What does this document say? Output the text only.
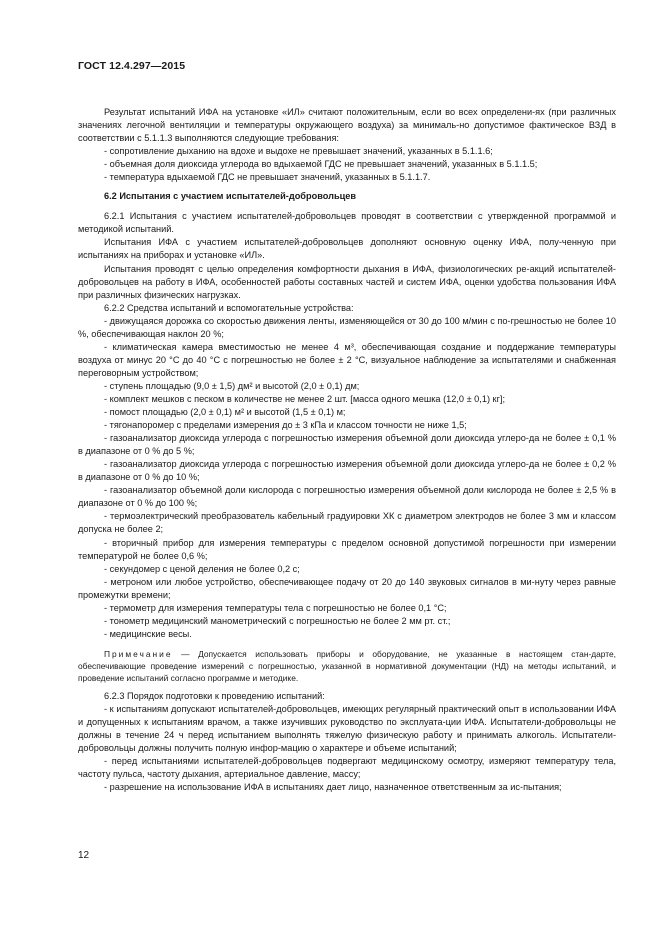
ГОСТ 12.4.297—2015

Результат испытаний ИФА на установке «ИЛ» считают положительным, если во всех определени-ях (при различных значениях легочной вентиляции и температуры окружающего воздуха) за минималь-но допустимое фактическое ВЗД в соответствии с 5.1.1.3 выполняются следующие требования:

- сопротивление дыханию на вдохе и выдохе не превышает значений, указанных в 5.1.1.6;

- объемная доля диоксида углерода во вдыхаемой ГДС не превышает значений, указанных в 5.1.1.5;

- температура вдыхаемой ГДС не превышает значений, указанных в 5.1.1.7.

6.2 Испытания с участием испытателей-добровольцев

6.2.1 Испытания с участием испытателей-добровольцев проводят в соответствии с утвержденной программой и методикой испытаний.

Испытания ИФА с участием испытателей-добровольцев дополняют основную оценку ИФА, полу-ченную при испытаниях на приборах и установке «ИЛ».

Испытания проводят с целью определения комфортности дыхания в ИФА, физиологических ре-акций испытателей-добровольцев на работу в ИФА, особенностей работы составных частей и систем ИФА, оценки удобства пользования ИФА при различных физических нагрузках.

6.2.2 Средства испытаний и вспомогательные устройства:

- движущаяся дорожка со скоростью движения ленты, изменяющейся от 30 до 100 м/мин с по-грешностью не более 10 %, обеспечивающая наклон 20 %;

- климатическая камера вместимостью не менее 4 м³, обеспечивающая создание и поддержание температуры воздуха от минус 20 °С до 40 °С с погрешностью не более ± 2 °С, визуальное наблюдение за испытателями и снабженная переговорным устройством;

- ступень площадью (9,0 ± 1,5) дм² и высотой (2,0 ± 0,1) дм;

- комплект мешков с песком в количестве не менее 2 шт. [масса одного мешка (12,0 ± 0,1) кг];

- помост площадью (2,0 ± 0,1) м² и высотой (1,5 ± 0,1) м;

- тягонапоромер с пределами измерения до ± 3 кПа и классом точности не ниже 1,5;

- газоанализатор диоксида углерода с погрешностью измерения объемной доли диоксида углеро-да не более ± 0,1 % в диапазоне от 0 % до 5 %;

- газоанализатор диоксида углерода с погрешностью измерения объемной доли диоксида углеро-да не более ± 0,2 % в диапазоне от 0 % до 10 %;

- газоанализатор объемной доли кислорода с погрешностью измерения объемной доли кислорода не более ± 2,5 % в диапазоне от 0 % до 100 %;

- термоэлектрический преобразователь кабельный градуировки ХК с диаметром электродов не более 3 мм и классом допуска не более 2;

- вторичный прибор для измерения температуры с пределом основной допустимой погрешности при измерении температурой не более 0,6 %;

- секундомер с ценой деления не более 0,2 с;

- метроном или любое устройство, обеспечивающее подачу от 20 до 140 звуковых сигналов в ми-нуту через равные промежутки времени;

- термометр для измерения температуры тела с погрешностью не более 0,1 °С;

- тонометр медицинский манометрический с погрешностью не более 2 мм рт. ст.;

- медицинские весы.

Примечание — Допускается использовать приборы и оборудование, не указанные в настоящем стан-дарте, обеспечивающие проведение измерений с погрешностью, указанной в нормативной документации (НД) на методы испытаний, и проведение испытаний согласно программе и методике.

6.2.3 Порядок подготовки к проведению испытаний:

- к испытаниям допускают испытателей-добровольцев, имеющих регулярный практический опыт в использовании ИФА и допущенных к испытаниям врачом, а также изучивших руководство по эксплуата-ции ИФА. Испытатели-добровольцы не должны в течение 24 ч перед испытанием выполнять тяжелую физическую работу и принимать алкоголь. Испытатели-добровольцы должны получить полную инфор-мацию о характере и объеме испытаний;

- перед испытаниями испытателей-добровольцев подвергают медицинскому осмотру, измеряют температуру тела, частоту пульса, частоту дыхания, артериальное давление, массу;

- разрешение на использование ИФА в испытаниях дает лицо, назначенное ответственным за ис-пытания;

12
